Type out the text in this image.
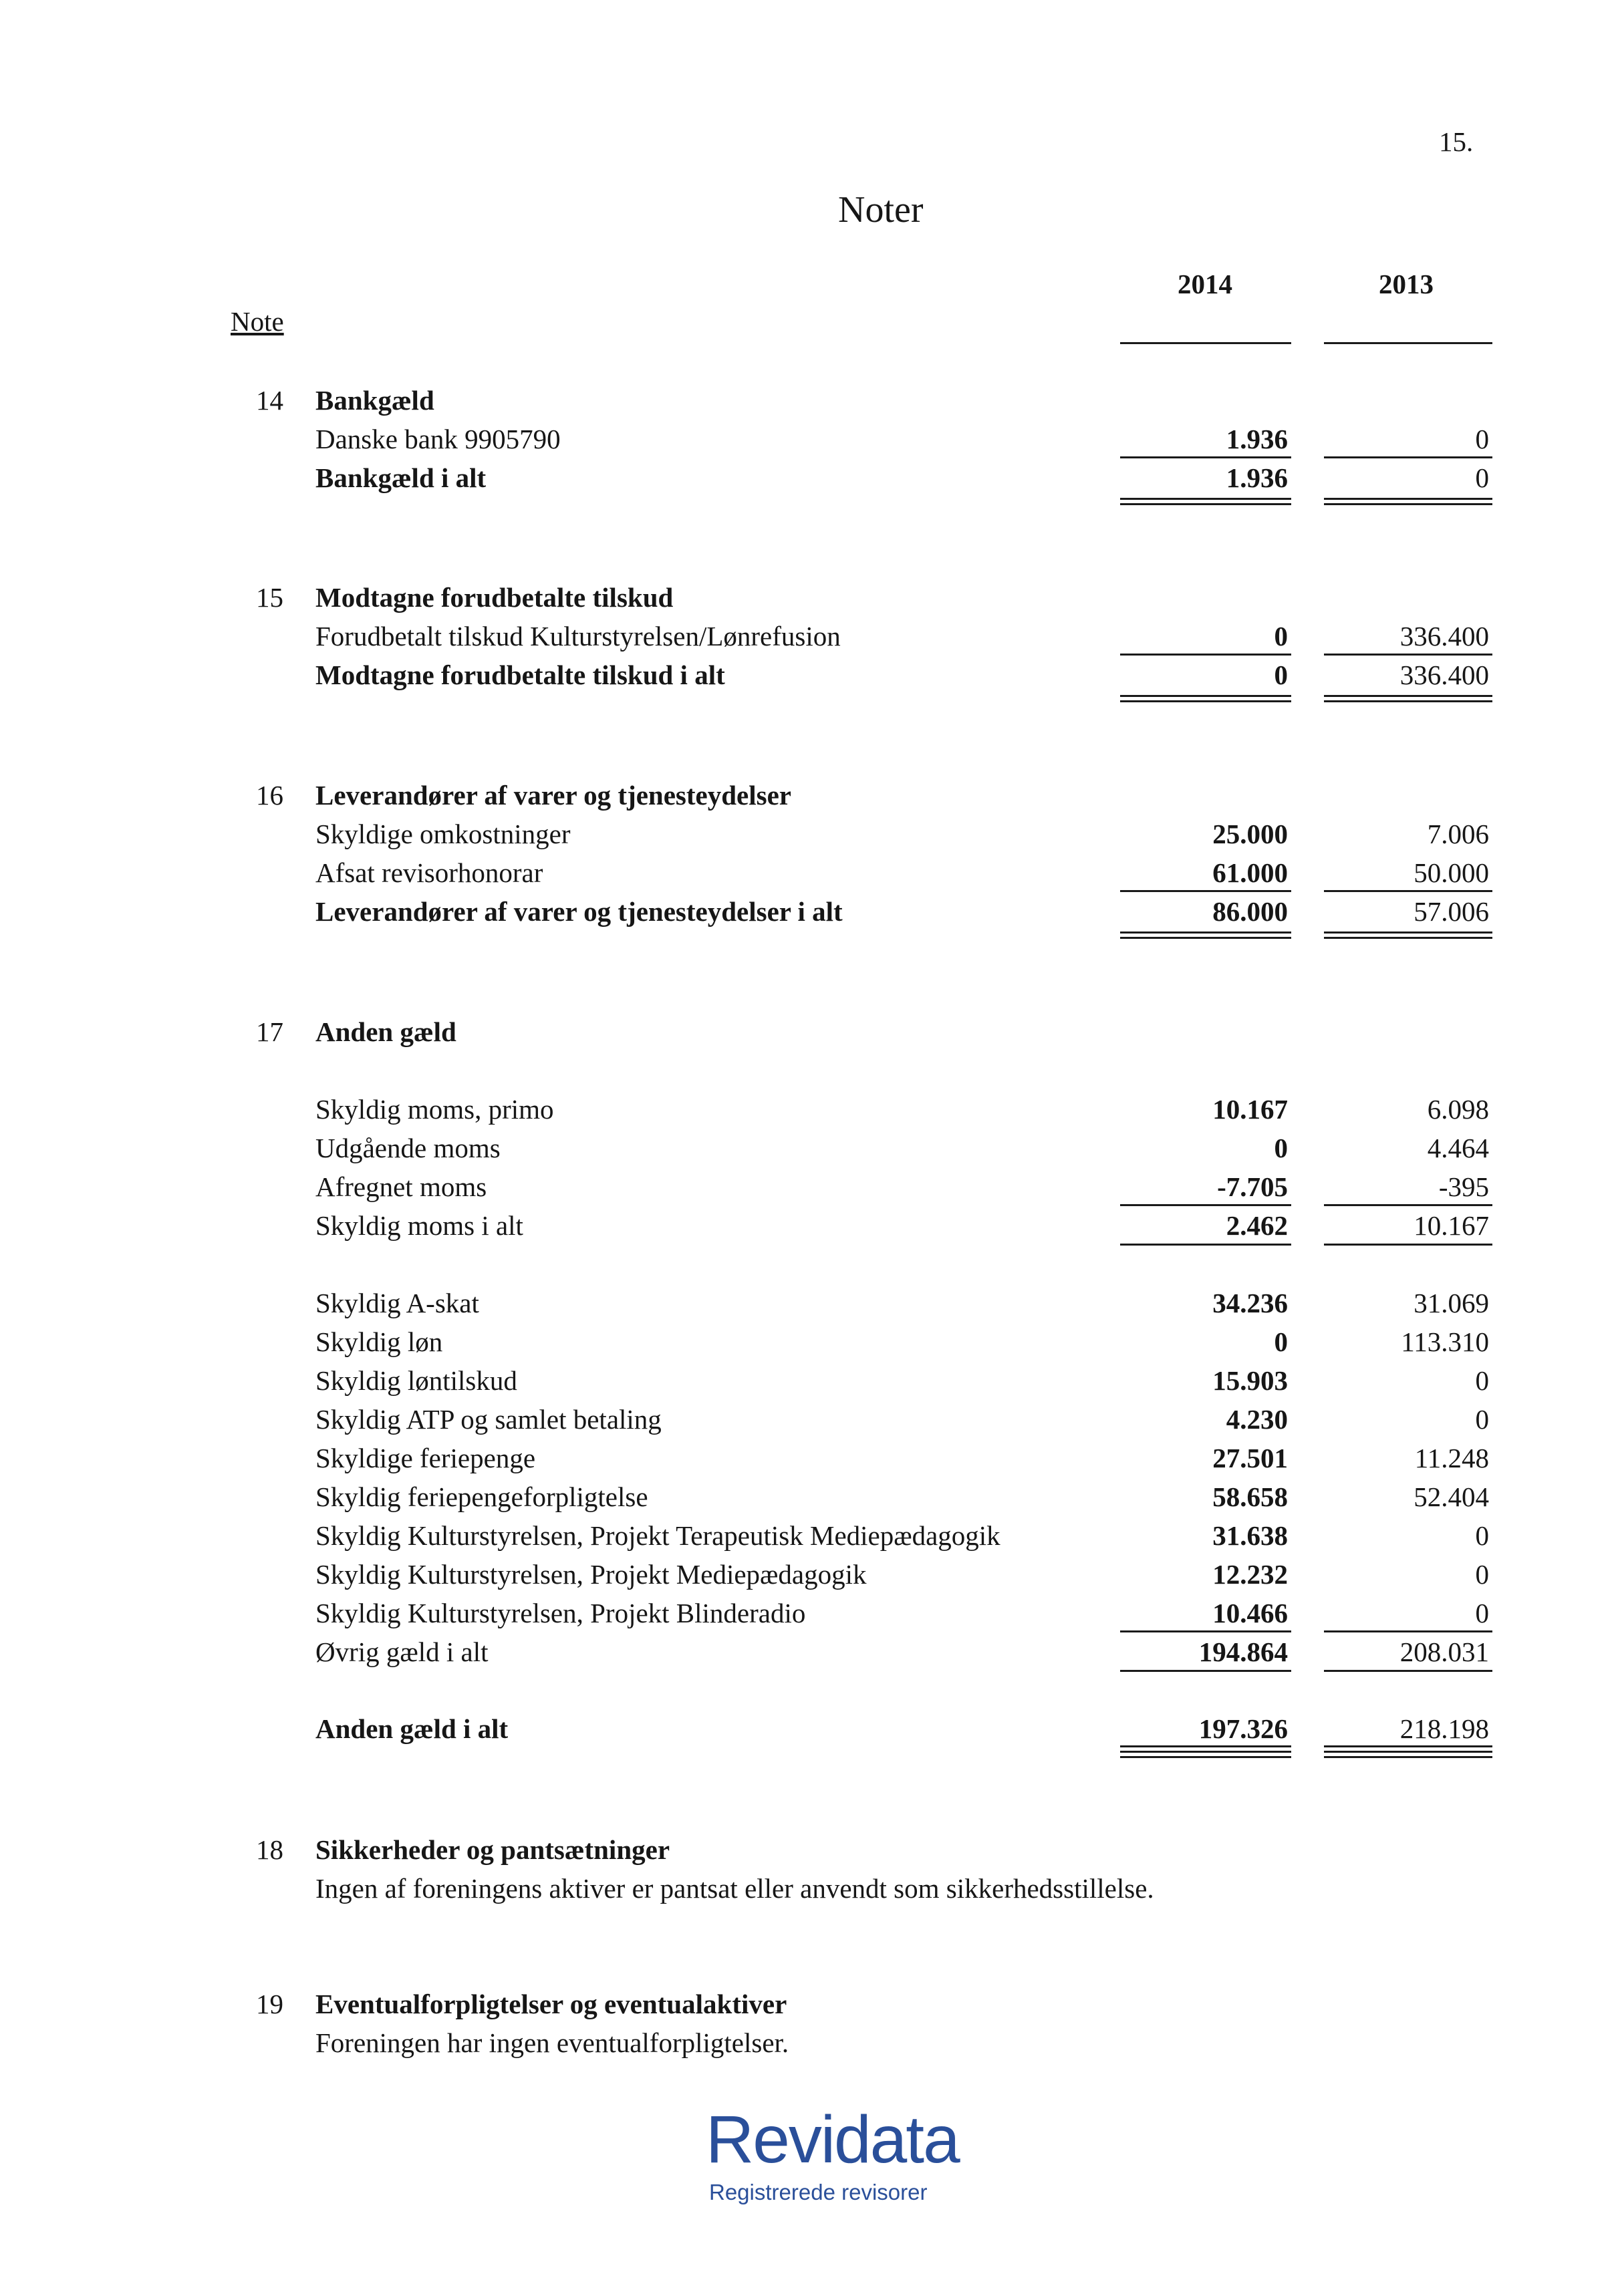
15.
Noter
2014	2013
Note
14 Bankgæld
Danske bank 9905790	1.936	0
Bankgæld i alt	1.936	0
15 Modtagne forudbetalte tilskud
Forudbetalt tilskud Kulturstyrelsen/Lønrefusion	0	336.400
Modtagne forudbetalte tilskud i alt	0	336.400
16 Leverandører af varer og tjenesteydelser
Skyldige omkostninger	25.000	7.006
Afsat revisorhonorar	61.000	50.000
Leverandører af varer og tjenesteydelser i alt	86.000	57.006
17 Anden gæld
Skyldig moms, primo	10.167	6.098
Udgående moms	0	4.464
Afregnet moms	-7.705	-395
Skyldig moms i alt	2.462	10.167
Skyldig A-skat	34.236	31.069
Skyldig løn	0	113.310
Skyldig løntilskud	15.903	0
Skyldig ATP og samlet betaling	4.230	0
Skyldige feriepenge	27.501	11.248
Skyldig feriepengeforpligtelse	58.658	52.404
Skyldig Kulturstyrelsen, Projekt Terapeutisk Mediepædagogik	31.638	0
Skyldig Kulturstyrelsen, Projekt Mediepædagogik	12.232	0
Skyldig Kulturstyrelsen, Projekt Blinderadio	10.466	0
Øvrig gæld i alt	194.864	208.031
Anden gæld i alt	197.326	218.198
18 Sikkerheder og pantsætninger
Ingen af foreningens aktiver er pantsat eller anvendt som sikkerhedsstillelse.
19 Eventualforpligtelser og eventualaktiver
Foreningen har ingen eventualforpligtelser.
Revidata
Registrerede revisorer
